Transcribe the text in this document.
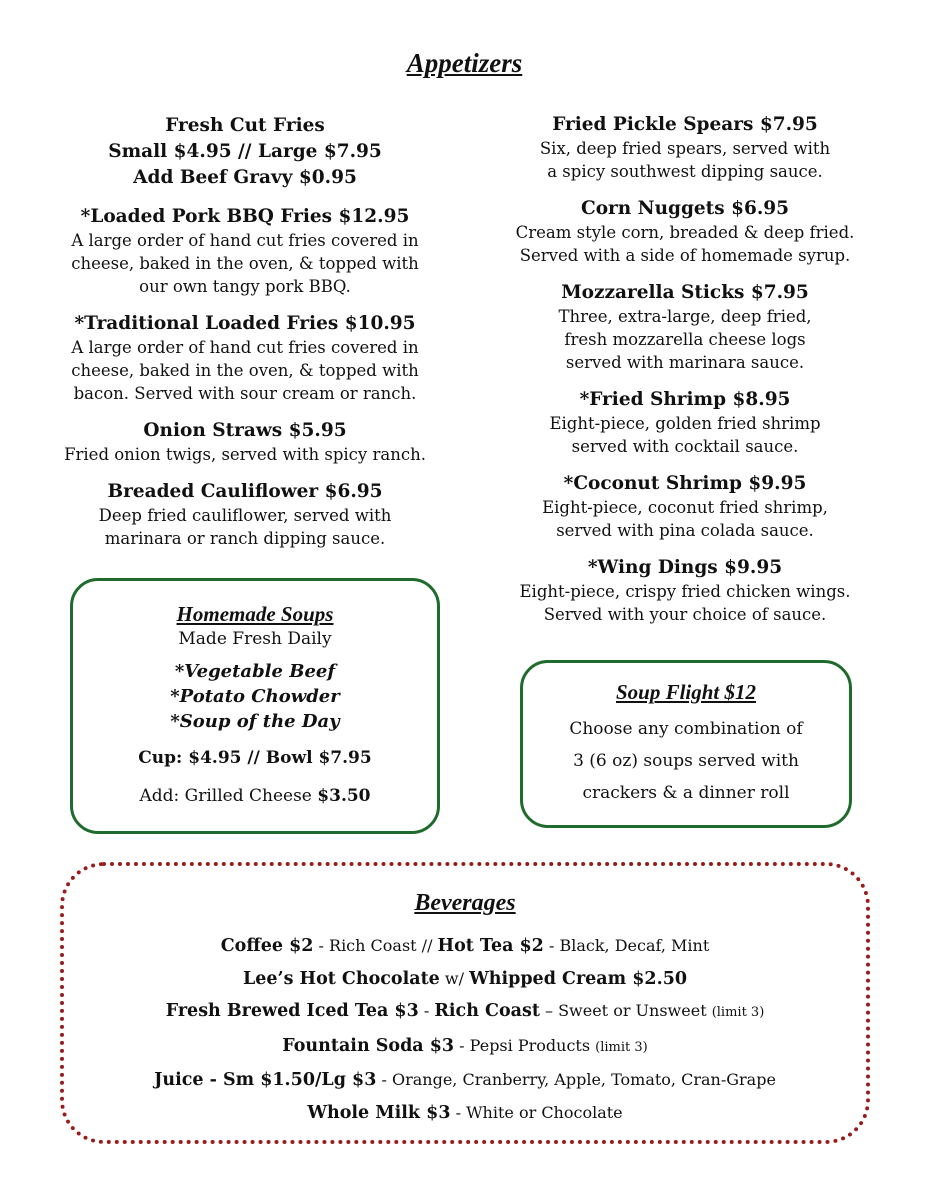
Appetizers
Fresh Cut Fries
Small $4.95 // Large $7.95
Add Beef Gravy $0.95
*Loaded Pork BBQ Fries $12.95
A large order of hand cut fries covered in
cheese, baked in the oven, & topped with
our own tangy pork BBQ.
*Traditional Loaded Fries $10.95
A large order of hand cut fries covered in
cheese, baked in the oven, & topped with
bacon. Served with sour cream or ranch.
Onion Straws $5.95
Fried onion twigs, served with spicy ranch.
Breaded Cauliflower $6.95
Deep fried cauliflower, served with
marinara or ranch dipping sauce.
Fried Pickle Spears $7.95
Six, deep fried spears, served with
a spicy southwest dipping sauce.
Corn Nuggets $6.95
Cream style corn, breaded & deep fried.
Served with a side of homemade syrup.
Mozzarella Sticks $7.95
Three, extra-large, deep fried,
fresh mozzarella cheese logs
served with marinara sauce.
*Fried Shrimp $8.95
Eight-piece, golden fried shrimp
served with cocktail sauce.
*Coconut Shrimp $9.95
Eight-piece, coconut fried shrimp,
served with pina colada sauce.
*Wing Dings $9.95
Eight-piece, crispy fried chicken wings.
Served with your choice of sauce.
Homemade Soups
Made Fresh Daily
*Vegetable Beef
*Potato Chowder
*Soup of the Day
Cup: $4.95 // Bowl $7.95
Add: Grilled Cheese $3.50
Soup Flight $12
Choose any combination of
3 (6 oz) soups served with
crackers & a dinner roll
Beverages
Coffee $2 - Rich Coast // Hot Tea $2 - Black, Decaf, Mint
Lee’s Hot Chocolate w/ Whipped Cream $2.50
Fresh Brewed Iced Tea $3 - Rich Coast – Sweet or Unsweet (limit 3)
Fountain Soda $3 - Pepsi Products (limit 3)
Juice - Sm $1.50/Lg $3 - Orange, Cranberry, Apple, Tomato, Cran-Grape
Whole Milk $3 - White or Chocolate
